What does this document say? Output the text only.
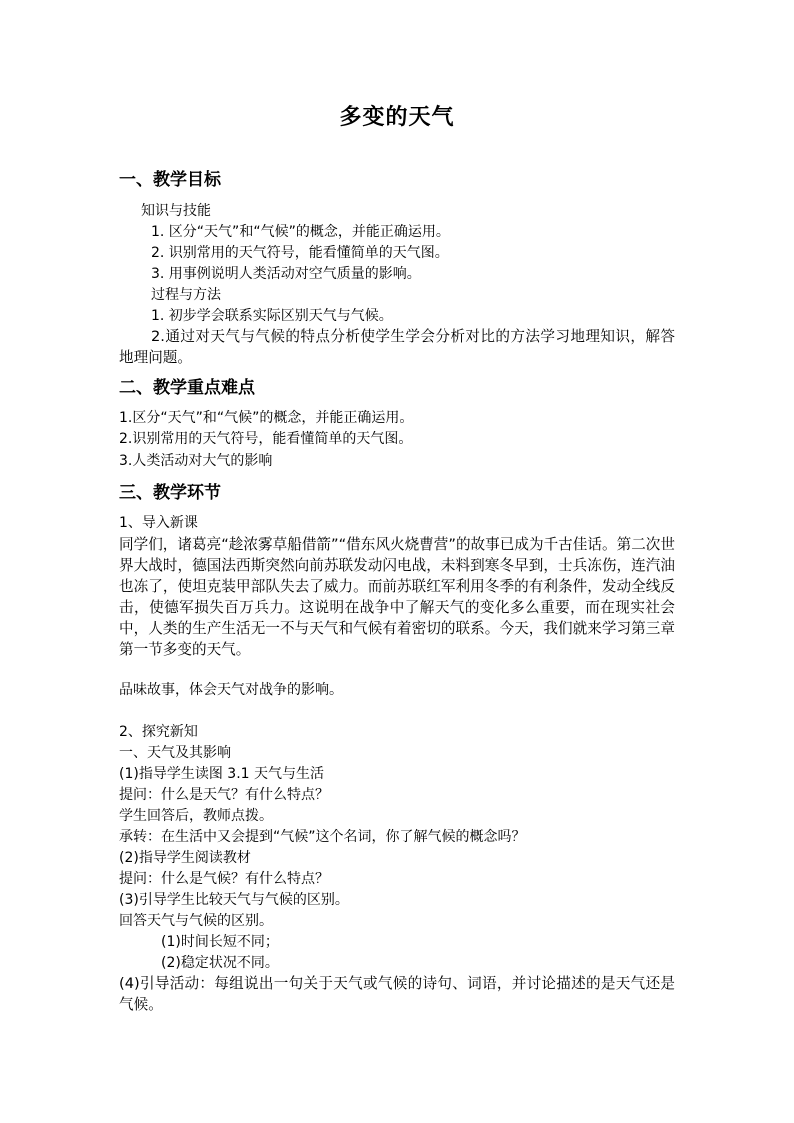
多变的天气
一、教学目标
知识与技能
1. 区分“天气”和“气候”的概念，并能正确运用。
2. 识别常用的天气符号，能看懂简单的天气图。
3. 用事例说明人类活动对空气质量的影响。
过程与方法
1. 初步学会联系实际区别天气与气候。
2.通过对天气与气候的特点分析使学生学会分析对比的方法学习地理知识，解答地理问题。
二、教学重点难点
1.区分“天气”和“气候”的概念，并能正确运用。
2.识别常用的天气符号，能看懂简单的天气图。
3.人类活动对大气的影响
三、教学环节
1、导入新课
同学们，诸葛亮“趁浓雾草船借箭”“借东风火烧曹营”的故事已成为千古佳话。第二次世界大战时，德国法西斯突然向前苏联发动闪电战，未料到寒冬早到，士兵冻伤，连汽油也冻了，使坦克装甲部队失去了威力。而前苏联红军利用冬季的有利条件，发动全线反击，使德军损失百万兵力。这说明在战争中了解天气的变化多么重要，而在现实社会中，人类的生产生活无一不与天气和气候有着密切的联系。今天，我们就来学习第三章第一节多变的天气。
品味故事，体会天气对战争的影响。
2、探究新知
一、天气及其影响
(1)指导学生读图 3.1 天气与生活
提问：什么是天气？有什么特点？
学生回答后，教师点拨。
承转：在生活中又会提到“气候”这个名词，你了解气候的概念吗？
(2)指导学生阅读教材
提问：什么是气候？有什么特点？
(3)引导学生比较天气与气候的区别。
回答天气与气候的区别。
(1)时间长短不同；
(2)稳定状况不同。
(4)引导活动：每组说出一句关于天气或气候的诗句、词语，并讨论描述的是天气还是气候。
